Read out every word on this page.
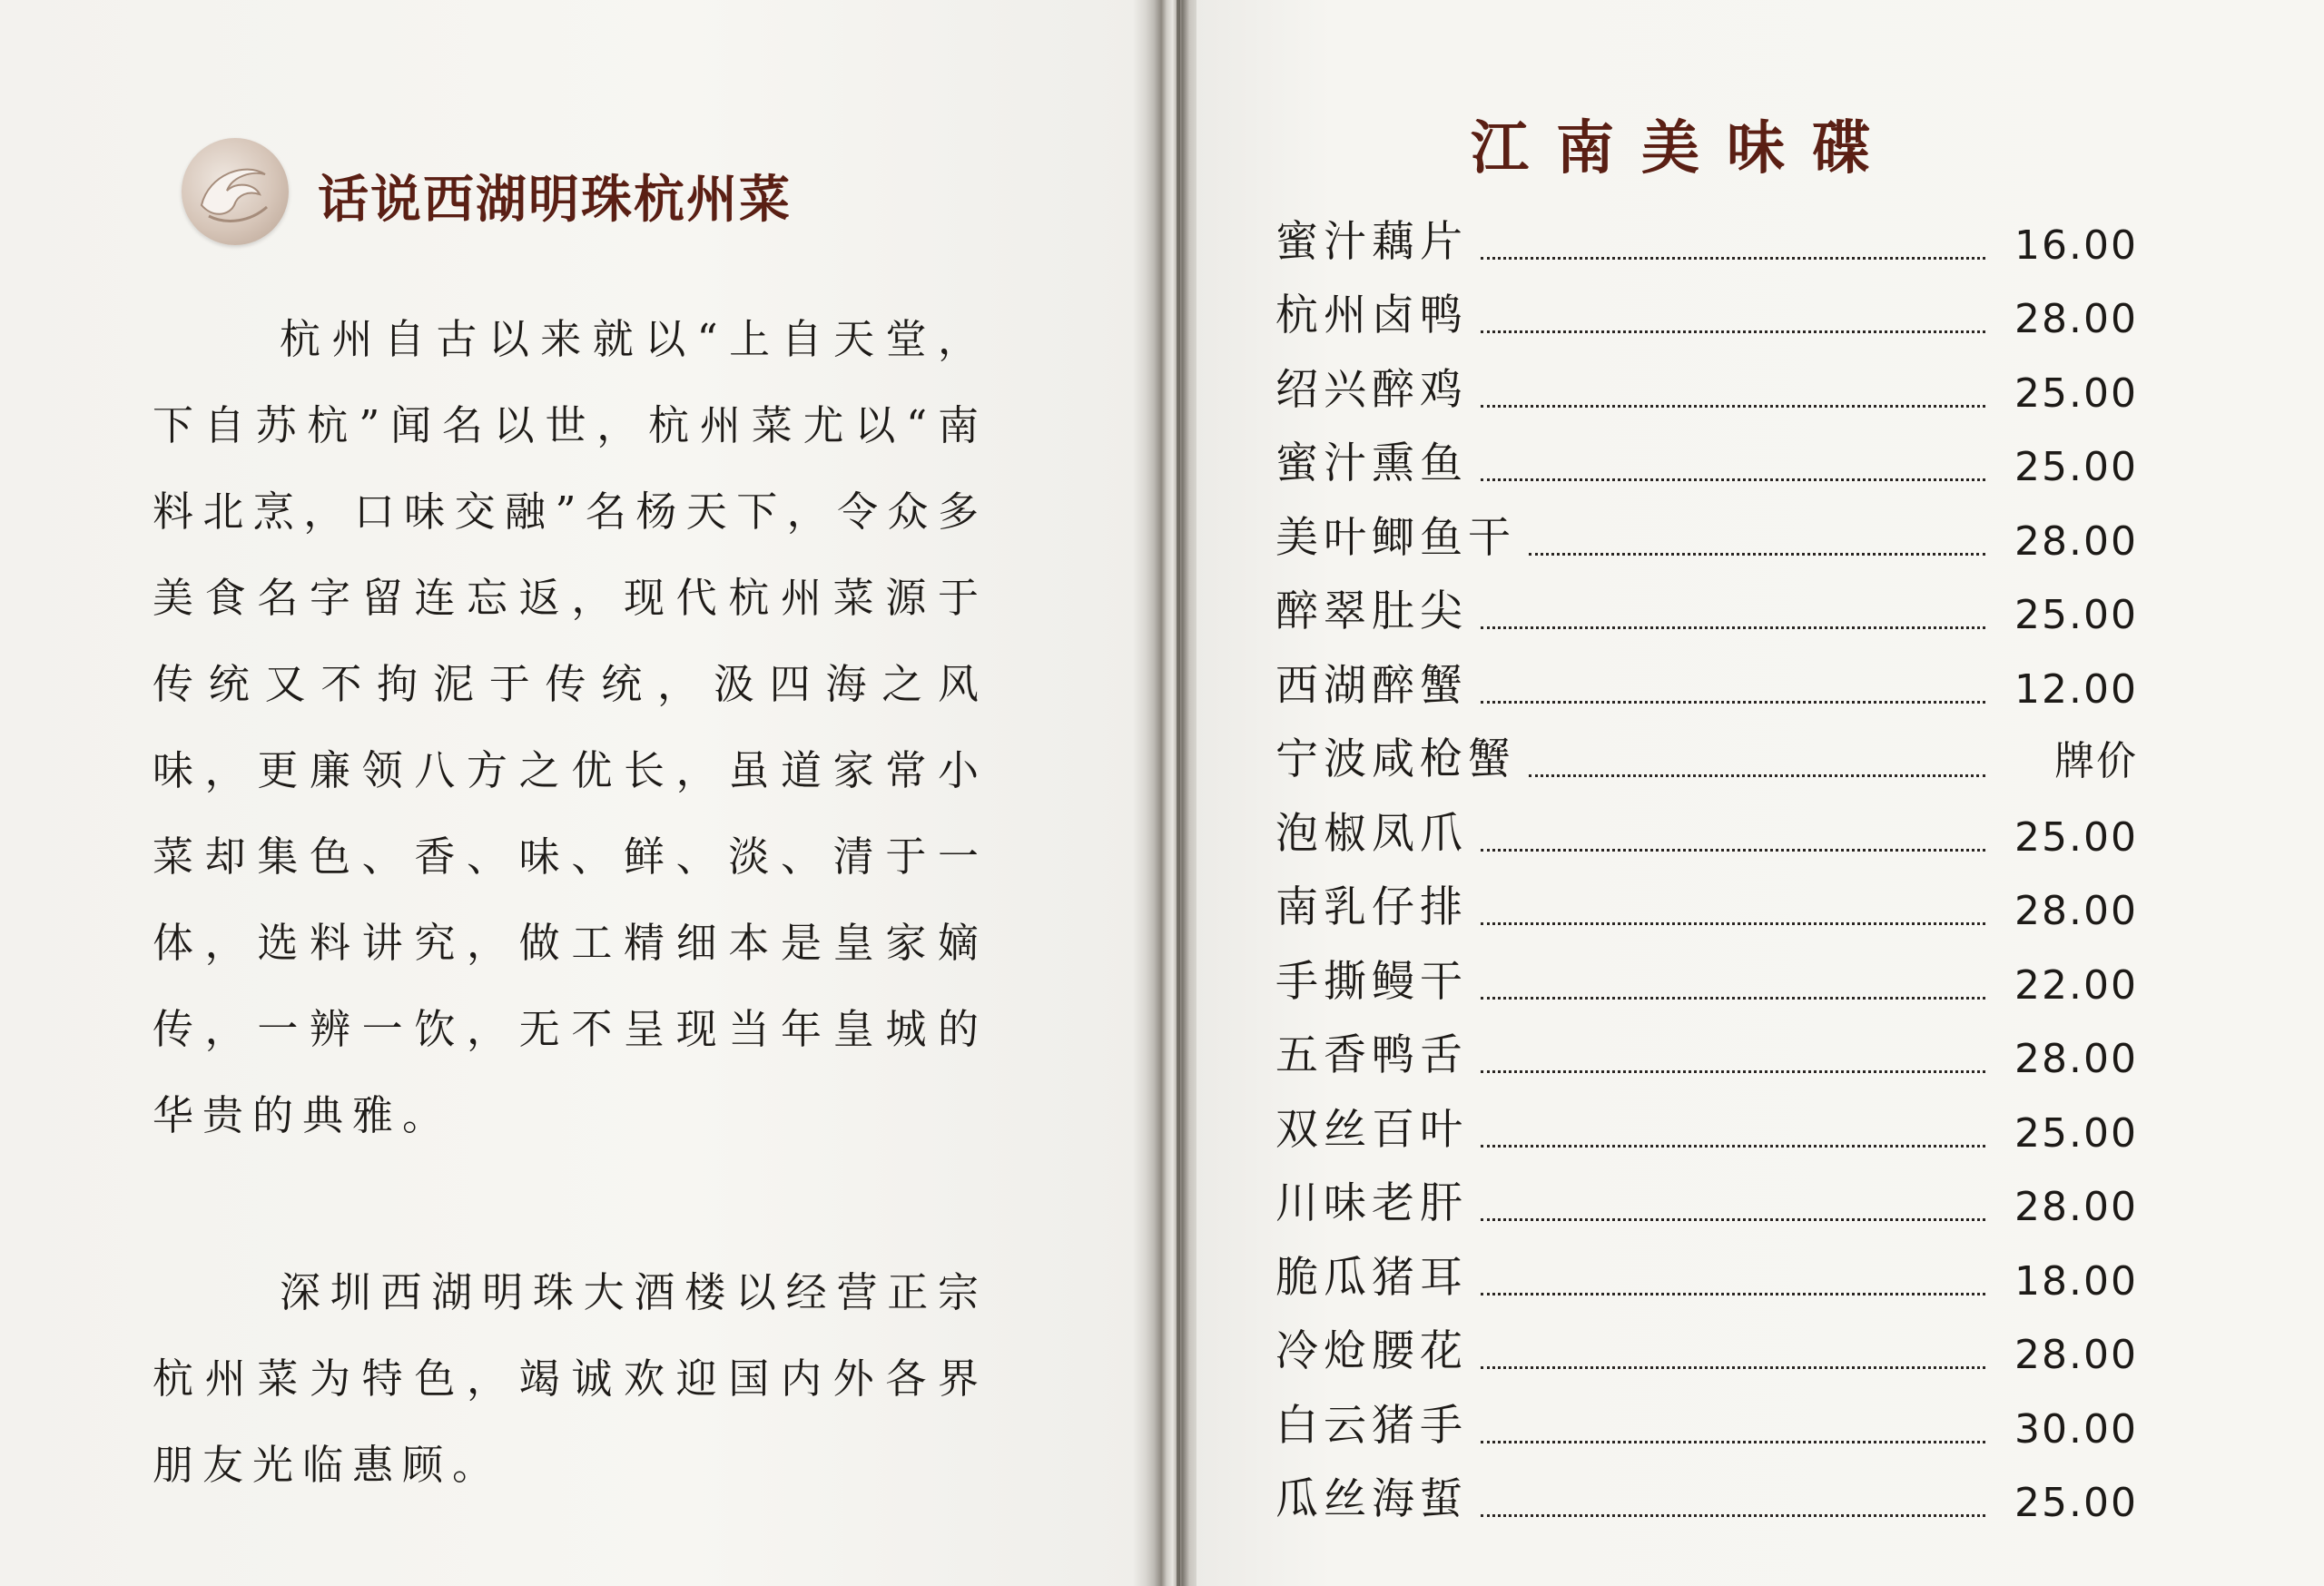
话说西湖明珠杭州菜

杭州自古以来就以“上自天堂，下自苏杭”闻名以世，杭州菜尤以“南料北烹，口味交融”名杨天下，令众多美食名字留连忘返，现代杭州菜源于传统又不拘泥于传统，汲四海之风味，更廉领八方之优长，虽道家常小菜却集色、香、味、鲜、淡、清于一体，选料讲究，做工精细本是皇家嫡传，一辨一饮，无不呈现当年皇城的华贵的典雅。

深圳西湖明珠大酒楼以经营正宗杭州菜为特色，竭诚欢迎国内外各界朋友光临惠顾。

江南美味碟
蜜汁藕片	16.00
杭州卤鸭	28.00
绍兴醉鸡	25.00
蜜汁熏鱼	25.00
美叶鲫鱼干	28.00
醉翠肚尖	25.00
西湖醉蟹	12.00
宁波咸枪蟹	牌价
泡椒凤爪	25.00
南乳仔排	28.00
手撕鳗干	22.00
五香鸭舌	28.00
双丝百叶	25.00
川味老肝	28.00
脆瓜猪耳	18.00
冷炝腰花	28.00
白云猪手	30.00
瓜丝海蜇	25.00
